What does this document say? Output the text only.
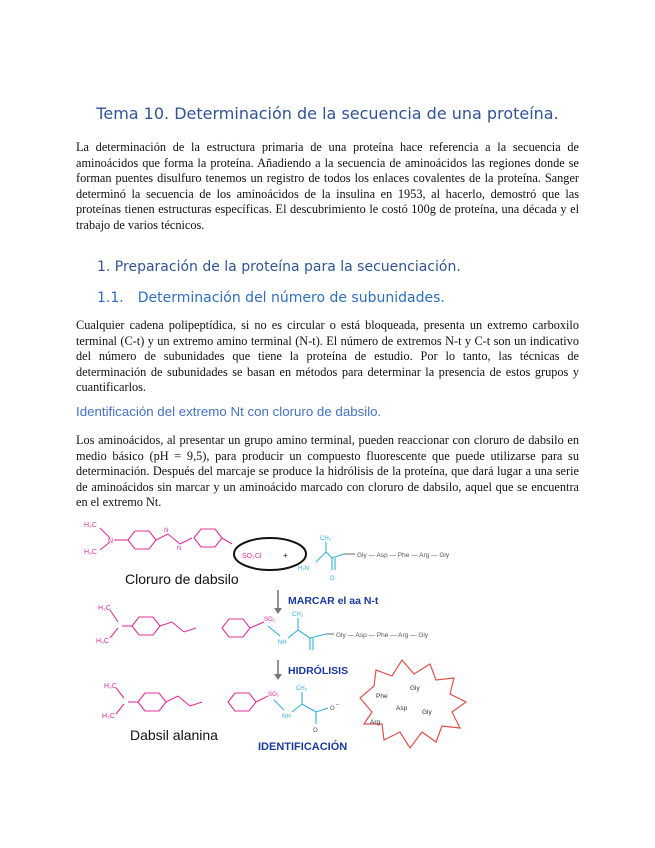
Tema 10. Determinación de la secuencia de una proteína.

La determinación de la estructura primaria de una proteína hace referencia a la secuencia de aminoácidos que forma la proteína. Añadiendo a la secuencia de aminoácidos las regiones donde se forman puentes disulfuro tenemos un registro de todos los enlaces covalentes de la proteína. Sanger determinó la secuencia de los aminoácidos de la insulina en 1953, al hacerlo, demostró que las proteínas tienen estructuras específicas. El descubrimiento le costó 100g de proteína, una década y el trabajo de varios técnicos.

1. Preparación de la proteína para la secuenciación.
1.1. Determinación del número de subunidades.

Cualquier cadena polipeptídica, si no es circular o está bloqueada, presenta un extremo carboxilo terminal (C-t) y un extremo amino terminal (N-t). El número de extremos N-t y C-t son un indicativo del número de subunidades que tiene la proteína de estudio. Por lo tanto, las técnicas de determinación de subunidades se basan en métodos para determinar la presencia de estos grupos y cuantificarlos.

Identificación del extremo Nt con cloruro de dabsilo.

Los aminoácidos, al presentar un grupo amino terminal, pueden reaccionar con cloruro de dabsilo en medio básico (pH = 9,5), para producir un compuesto fluorescente que puede utilizarse para su determinación. Después del marcaje se produce la hidrólisis de la proteína, que dará lugar a una serie de aminoácidos sin marcar y un aminoácido marcado con cloruro de dabsilo, aquel que se encuentra en el extremo Nt.

H₃C
H₃C
N
N
N
SO₂Cl	+
CH₃
H₂N
O
Gly — Asp — Phe — Arg — Gly
Cloruro de dabsilo
MARCAR el aa N-t
H₃C
H₃C
SO₂
CH₃
NH
Gly — Asp — Phe — Arg — Gly
HIDRÓLISIS
H₃C
H₃C
SO₂
CH₃
NH
O
–
O
Dabsil alanina
IDENTIFICACIÓN
Phe
Gly
Asp
Arg
Gly
